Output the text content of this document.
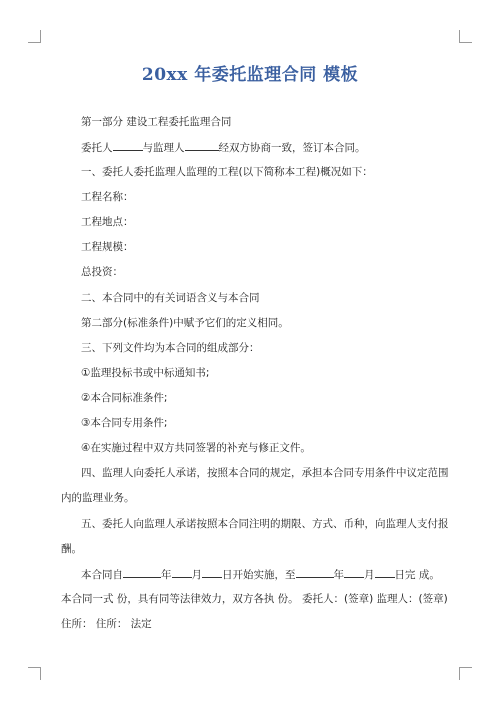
20xx 年委托监理合同 模板
第一部分 建设工程委托监理合同
委托人	与监理人	经双方协商一致，签订本合同。
一、委托人委托监理人监理的工程(以下简称本工程)概况如下：
工程名称：
工程地点：
工程规模：
总投资：
二、本合同中的有关词语含义与本合同
第二部分(标准条件)中赋予它们的定义相同。
三、下列文件均为本合同的组成部分：
①监理投标书或中标通知书;
②本合同标准条件;
③本合同专用条件;
④在实施过程中双方共同签署的补充与修正文件。
四、监理人向委托人承诺，按照本合同的规定，承担本合同专用条件中议定范围
内的监理业务。
五、委托人向监理人承诺按照本合同注明的期限、方式、币种，向监理人支付报
酬。
本合同自	年 月 日开始实施，至	年 月 日完 成。
本合同一式 份，具有同等法律效力，双方各执 份。 委托人：(签章) 监理人：(签章)
住所： 住所： 法定
